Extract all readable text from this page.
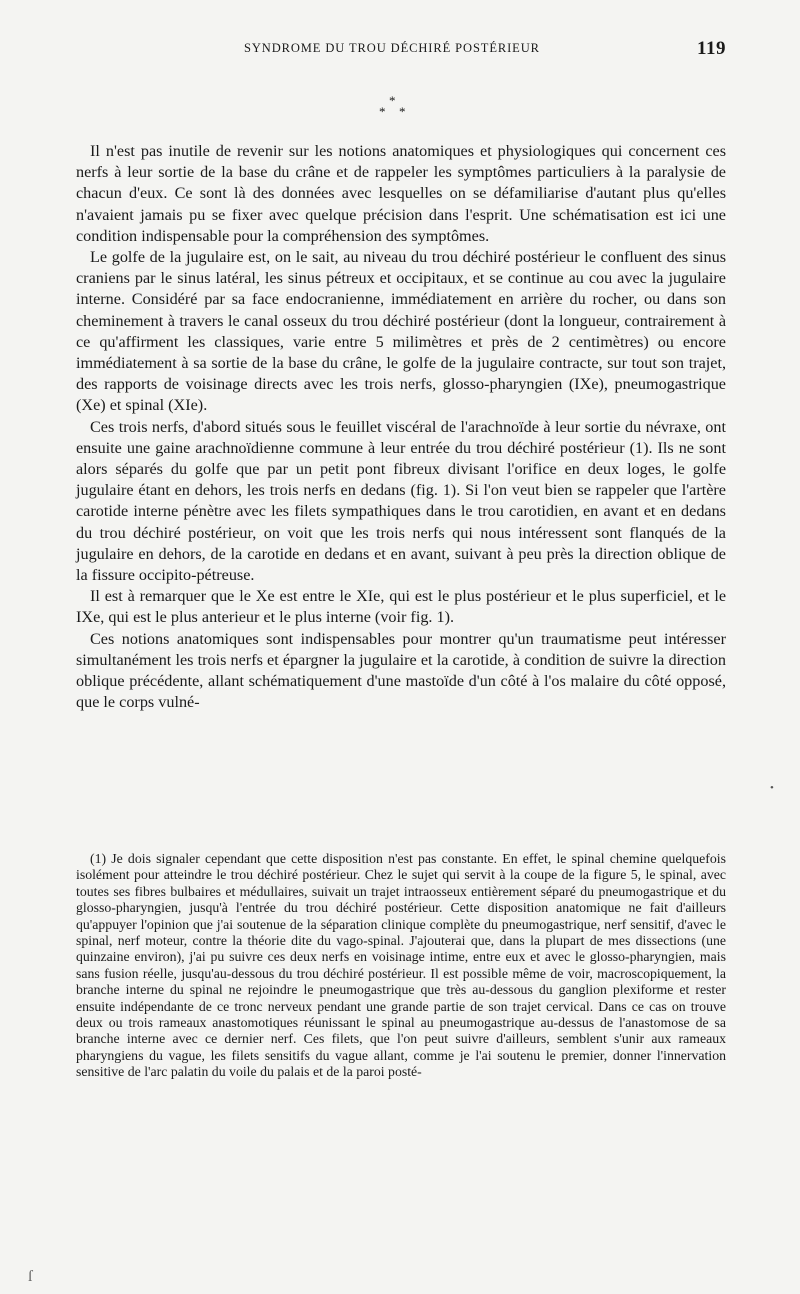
SYNDROME DU TROU DÉCHIRÉ POSTÉRIEUR	119
*
* *

Il n'est pas inutile de revenir sur les notions anatomiques et physiologiques qui concernent ces nerfs à leur sortie de la base du crâne et de rappeler les symptômes particuliers à la paralysie de chacun d'eux. Ce sont là des données avec lesquelles on se défamiliarise d'autant plus qu'elles n'avaient jamais pu se fixer avec quelque précision dans l'esprit. Une schématisation est ici une condition indispensable pour la compréhension des symptômes.

Le golfe de la jugulaire est, on le sait, au niveau du trou déchiré postérieur le confluent des sinus craniens par le sinus latéral, les sinus pétreux et occipitaux, et se continue au cou avec la jugulaire interne. Considéré par sa face endocranienne, immédiatement en arrière du rocher, ou dans son cheminement à travers le canal osseux du trou déchiré postérieur (dont la longueur, contrairement à ce qu'affirment les classiques, varie entre 5 milimètres et près de 2 centimètres) ou encore immédiatement à sa sortie de la base du crâne, le golfe de la jugulaire contracte, sur tout son trajet, des rapports de voisinage directs avec les trois nerfs, glosso-pharyngien (IXe), pneumogastrique (Xe) et spinal (XIe).

Ces trois nerfs, d'abord situés sous le feuillet viscéral de l'arachnoïde à leur sortie du névraxe, ont ensuite une gaine arachnoïdienne commune à leur entrée du trou déchiré postérieur (1). Ils ne sont alors séparés du golfe que par un petit pont fibreux divisant l'orifice en deux loges, le golfe jugulaire étant en dehors, les trois nerfs en dedans (fig. 1). Si l'on veut bien se rappeler que l'artère carotide interne pénètre avec les filets sympathiques dans le trou carotidien, en avant et en dedans du trou déchiré postérieur, on voit que les trois nerfs qui nous intéressent sont flanqués de la jugulaire en dehors, de la carotide en dedans et en avant, suivant à peu près la direction oblique de la fissure occipito-pétreuse.

Il est à remarquer que le Xe est entre le XIe, qui est le plus postérieur et le plus superficiel, et le IXe, qui est le plus anterieur et le plus interne (voir fig. 1).

Ces notions anatomiques sont indispensables pour montrer qu'un traumatisme peut intéresser simultanément les trois nerfs et épargner la jugulaire et la carotide, à condition de suivre la direction oblique précédente, allant schématiquement d'une mastoïde d'un côté à l'os malaire du côté opposé, que le corps vulné-

(1) Je dois signaler cependant que cette disposition n'est pas constante. En effet, le spinal chemine quelquefois isolément pour atteindre le trou déchiré postérieur. Chez le sujet qui servit à la coupe de la figure 5, le spinal, avec toutes ses fibres bulbaires et médullaires, suivait un trajet intraosseux entièrement séparé du pneumogastrique et du glosso-pharyngien, jusqu'à l'entrée du trou déchiré postérieur. Cette disposition anatomique ne fait d'ailleurs qu'appuyer l'opinion que j'ai soutenue de la séparation clinique complète du pneumogastrique, nerf sensitif, d'avec le spinal, nerf moteur, contre la théorie dite du vago-spinal. J'ajouterai que, dans la plupart de mes dissections (une quinzaine environ), j'ai pu suivre ces deux nerfs en voisinage intime, entre eux et avec le glosso-pharyngien, mais sans fusion réelle, jusqu'au-dessous du trou déchiré postérieur. Il est possible même de voir, macroscopiquement, la branche interne du spinal ne rejoindre le pneumogastrique que très au-dessous du ganglion plexiforme et rester ensuite indépendante de ce tronc nerveux pendant une grande partie de son trajet cervical. Dans ce cas on trouve deux ou trois rameaux anastomotiques réunissant le spinal au pneumogastrique au-dessus de l'anastomose de sa branche interne avec ce dernier nerf. Ces filets, que l'on peut suivre d'ailleurs, semblent s'unir aux rameaux pharyngiens du vague, les filets sensitifs du vague allant, comme je l'ai soutenu le premier, donner l'innervation sensitive de l'arc palatin du voile du palais et de la paroi posté-

•
ſ
